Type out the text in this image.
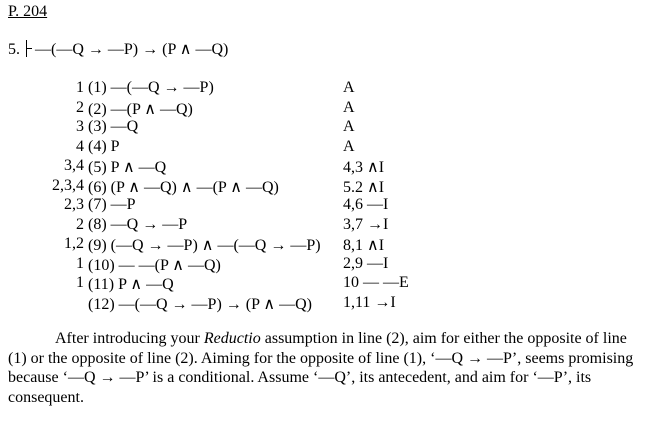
P. 204
5. —(—Q → —P) → (P ∧ —Q)
1 (1) —(—Q → —P)	A
2 (2) —(P ∧ —Q)	A
3 (3) —Q	A
4 (4) P	A
3,4 (5) P ∧ —Q	4,3 ∧I
2,3,4 (6) (P ∧ —Q) ∧ —(P ∧ —Q)	5.2 ∧I
2,3 (7) —P	4,6 —I
2 (8) —Q → —P	3,7 →I
1,2 (9) (—Q → —P) ∧ —(—Q → —P) 8,1 ∧I
1 (10) — —(P ∧ —Q)	2,9 —I
1 (11) P ∧ —Q	10 — —E
(12) —(—Q → —P) → (P ∧ —Q) 1,11 →I
After introducing your Reductio assumption in line (2), aim for either the opposite of line (1) or the opposite of line (2). Aiming for the opposite of line (1), ‘—Q → —P’, seems promising because ‘—Q → —P’ is a conditional. Assume ‘—Q’, its antecedent, and aim for ‘—P’, its consequent.
